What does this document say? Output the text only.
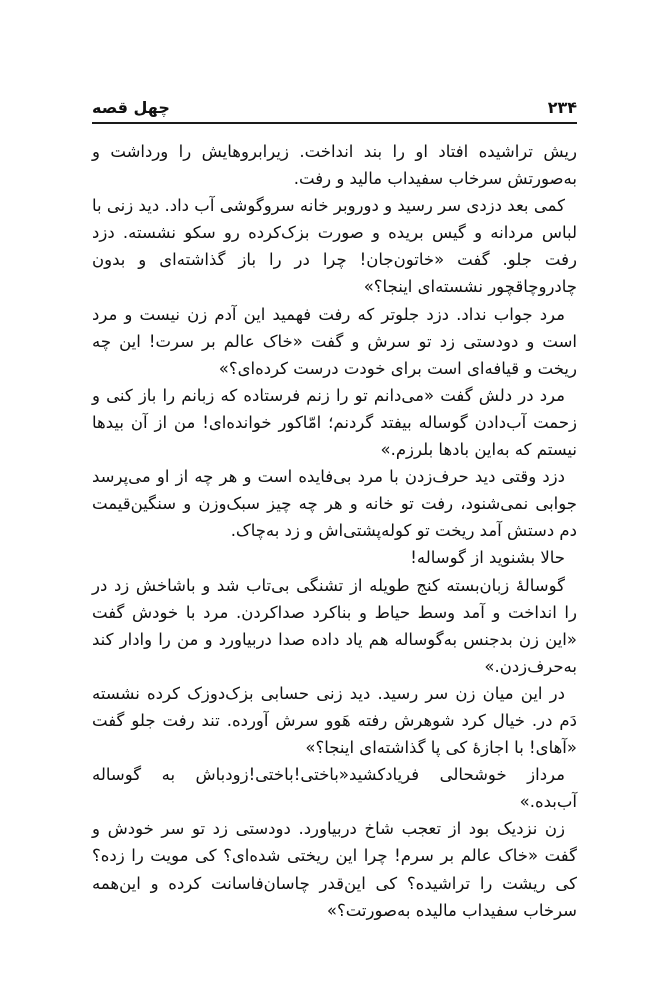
۲۳۴
چهل قصه

ریش تراشیده افتاد او را بند انداخت. زیرابروهایش را ورداشت و به‌صورتش سرخاب سفیداب مالید و رفت.

کمی بعد دزدی سر رسید و دوروبر خانه سروگوشی آب داد. دید زنی با لباس مردانه و گیس بریده و صورت بزک‌کرده رو سکو نشسته. دزد رفت جلو. گفت «خاتون‌جان! چرا در را باز گذاشته‌ای و بدون چادروچاقچور نشسته‌ای اینجا؟»

مرد جواب نداد. دزد جلوتر که رفت فهمید این آدم زن نیست و مرد است و دودستی زد تو سرش و گفت «خاک عالم بر سرت! این چه ریخت و قیافه‌ای است برای خودت درست کرده‌ای؟»

مرد در دلش گفت «می‌دانم تو را زنم فرستاده که زبانم را باز کنی و زحمت آب‌دادن گوساله بیفتد گردنم؛ امّاکور خوانده‌ای! من از آن بیدها نیستم که به‌این بادها بلرزم.»

دزد وقتی دید حرف‌زدن با مرد بی‌فایده است و هر چه از او می‌پرسد جوابی نمی‌شنود، رفت تو خانه و هر چه چیز سبک‌وزن و سنگین‌قیمت دم دستش آمد ریخت تو کوله‌پشتی‌اش و زد به‌چاک.

حالا بشنوید از گوساله!

گوسالهٔ زبان‌بسته کنج طویله از تشنگی بی‌تاب شد و باشاخش زد در را انداخت و آمد وسط حیاط و بناکرد صداکردن. مرد با خودش گفت «این زن بدجنس به‌گوساله هم یاد داده صدا دربیاورد و من را وادار کند به‌حرف‌زدن.»

در این میان زن سر رسید. دید زنی حسابی بزک‌دوزک کرده نشسته دَم در. خیال کرد شوهرش رفته هَوو سرش آورده. تند رفت جلو گفت «آهای! با اجازهٔ کی پا گذاشته‌ای اینجا؟»

مرداز خوشحالی فریادکشید«باختی!باختی!زودباش به گوساله آب‌بده.»

زن نزدیک بود از تعجب شاخ دربیاورد. دودستی زد تو سر خودش و گفت «خاک عالم بر سرم! چرا این ریختی شده‌ای؟ کی مویت را زده؟ کی ریشت را تراشیده؟ کی این‌قدر چاسان‌فاسانت کرده و این‌همه سرخاب سفیداب مالیده به‌صورتت؟»
